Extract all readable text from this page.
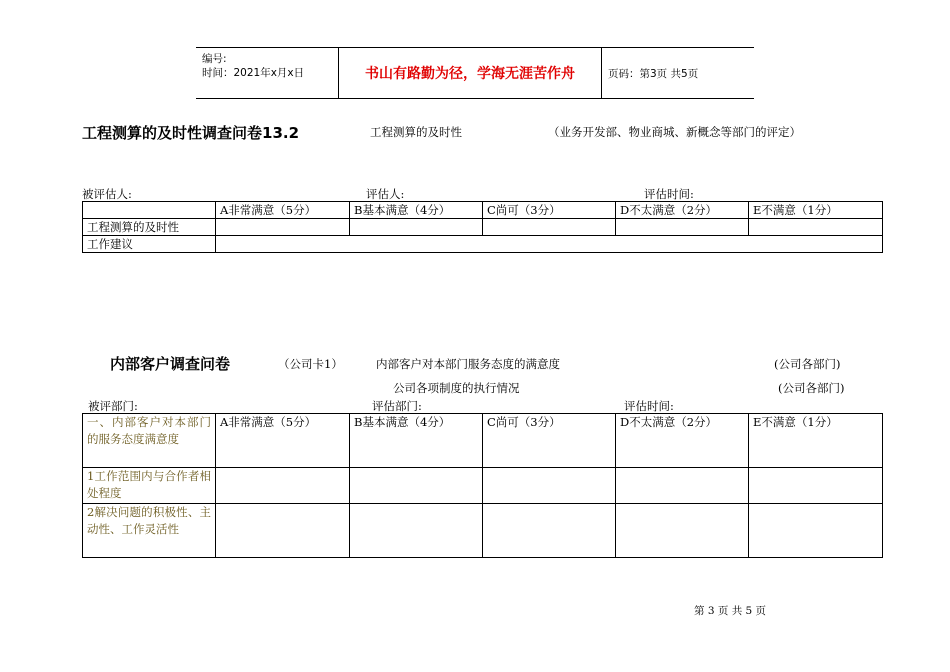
编号:
时间：2021年x月x日	书山有路勤为径，学海无涯苦作舟	页码：第3页 共5页
工程测算的及时性调查问卷13.2	工程测算的及时性	（业务开发部、物业商城、新概念等部门的评定）
被评估人:	评估人:	评估时间:
	A非常满意（5分）	B基本满意（4分）	C尚可（3分）	D不太满意（2分）	E不满意（1分）
工程测算的及时性					
工作建议					
内部客户调查问卷	（公司卡1）	内部客户对本部门服务态度的满意度	(公司各部门)
公司各项制度的执行情况	(公司各部门)
被评部门:	评估部门:	评估时间:
一、内部客户对本部门的服务态度满意度	A非常满意（5分）	B基本满意（4分）	C尚可（3分）	D不太满意（2分）	E不满意（1分）
1工作范围内与合作者相处程度					
2解决问题的积极性、主动性、工作灵活性					
第 3 页 共 5 页
